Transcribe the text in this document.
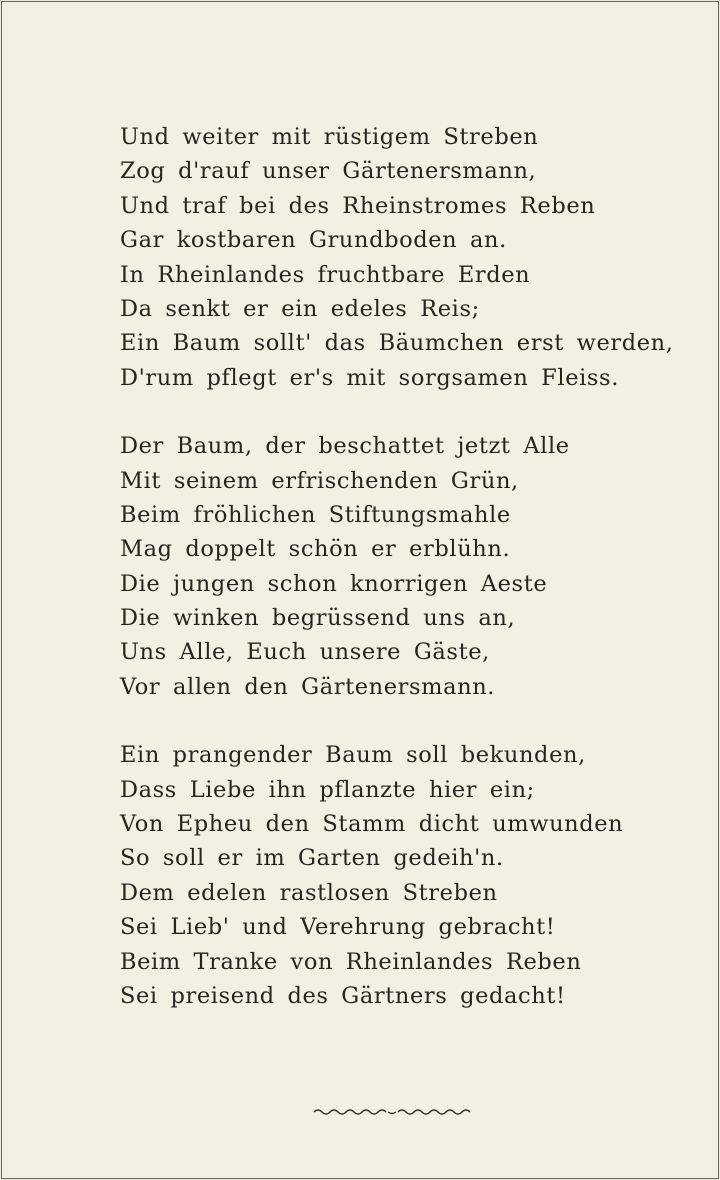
Und weiter mit rüstigem Streben
Zog d'rauf unser Gärtenersmann,
Und traf bei des Rheinstromes Reben
Gar kostbaren Grundboden an.
In Rheinlandes fruchtbare Erden
Da senkt er ein edeles Reis;
Ein Baum sollt' das Bäumchen erst werden,
D'rum pflegt er's mit sorgsamen Fleiss.
Der Baum, der beschattet jetzt Alle
Mit seinem erfrischenden Grün,
Beim fröhlichen Stiftungsmahle
Mag doppelt schön er erblühn.
Die jungen schon knorrigen Aeste
Die winken begrüssend uns an,
Uns Alle, Euch unsere Gäste,
Vor allen den Gärtenersmann.
Ein prangender Baum soll bekunden,
Dass Liebe ihn pflanzte hier ein;
Von Epheu den Stamm dicht umwunden
So soll er im Garten gedeih'n.
Dem edelen rastlosen Streben
Sei Lieb' und Verehrung gebracht!
Beim Tranke von Rheinlandes Reben
Sei preisend des Gärtners gedacht!
